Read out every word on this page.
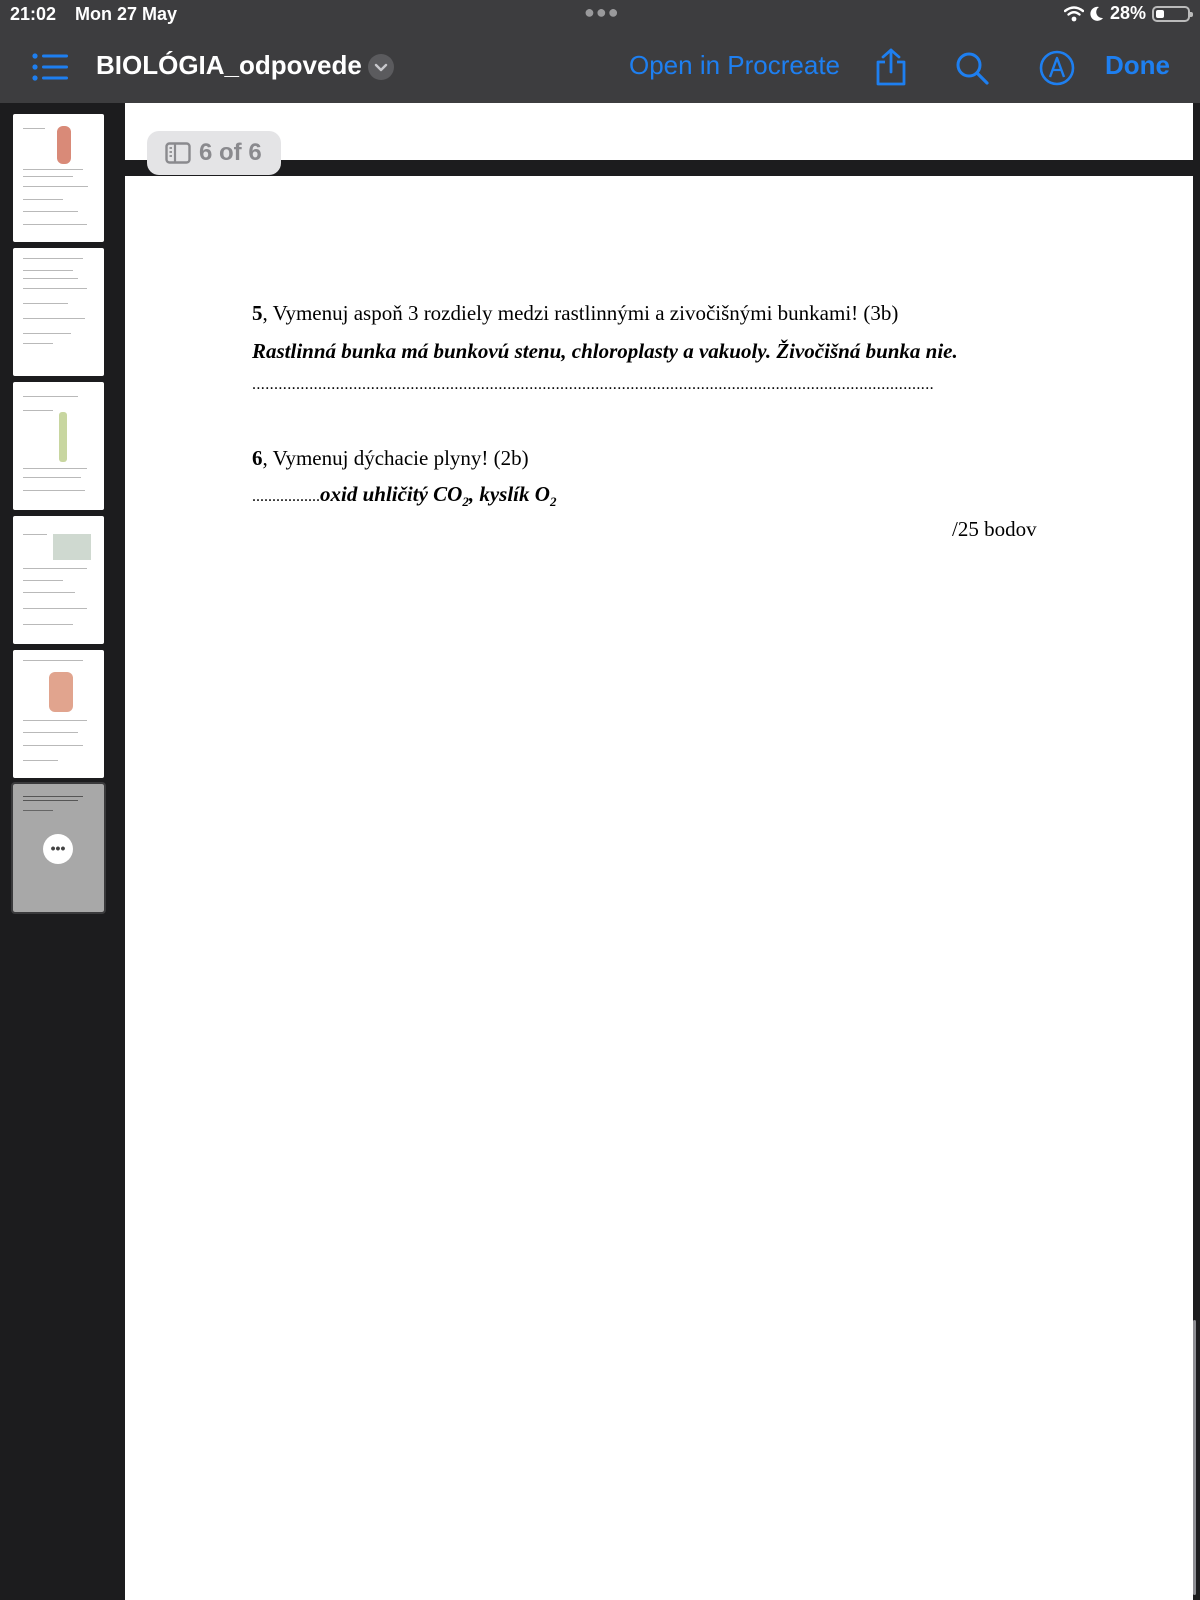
21:02 Mon 27 May	●●●	28%
BIOLÓGIA_odpovede	Open in Procreate	Done
•••
6 of 6
5, Vymenuj aspoň 3 rozdiely medzi rastlinnými a zivočišnými bunkami! (3b)
Rastlinná bunka má bunkovú stenu, chloroplasty a vakuoly. Živočišná bunka nie.
...........................................................................................................................................................
6, Vymenuj dýchacie plyny! (2b)
.................oxid uhličitý $CO_2$, kyslík $O_2$
/25 bodov
